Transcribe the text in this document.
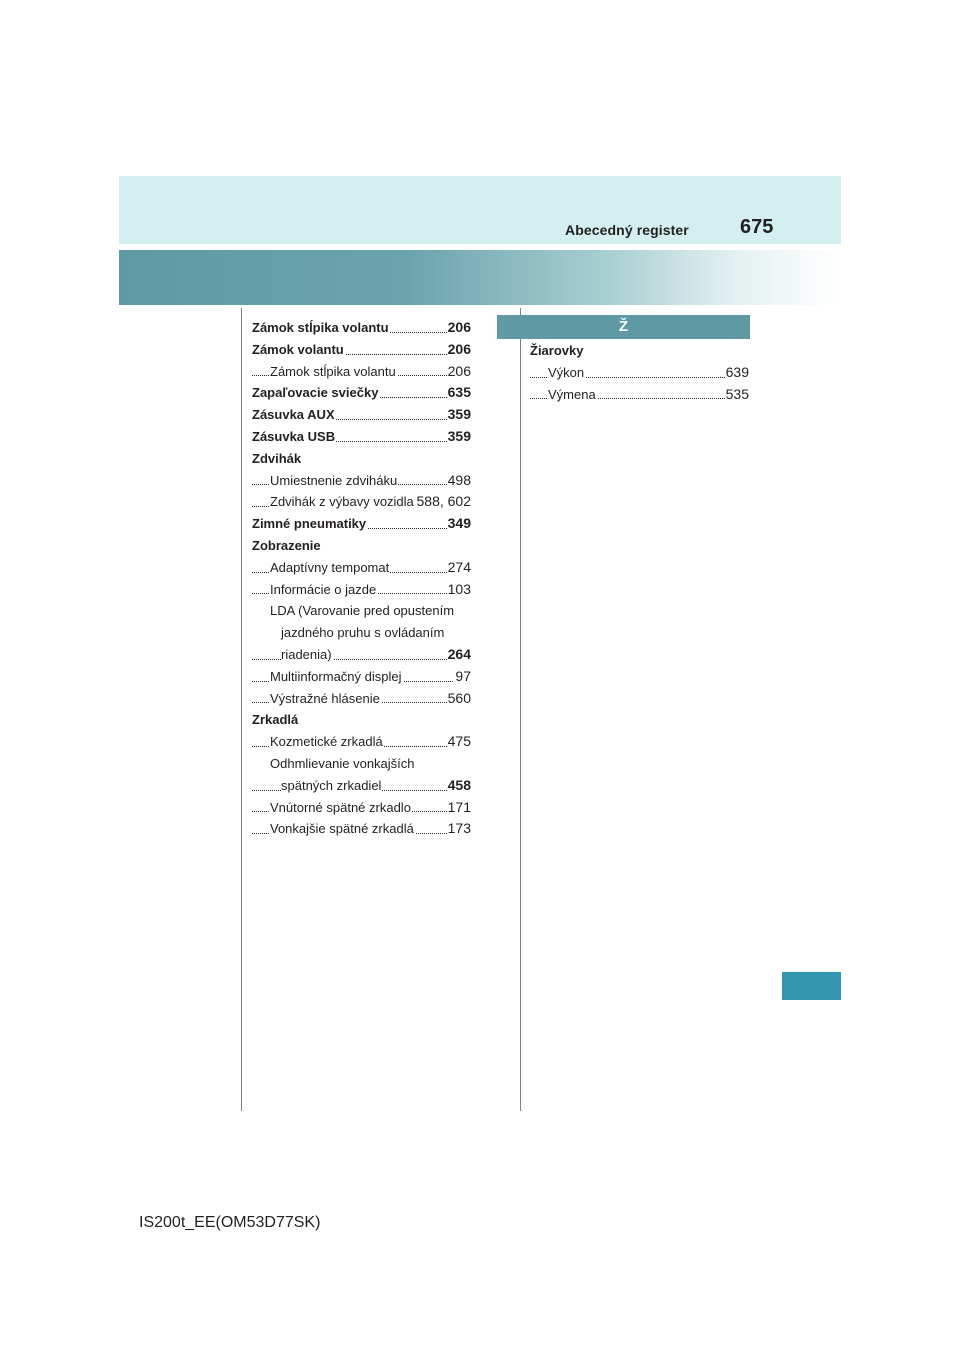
Abecedný register	675
Zámok stĺpika volantu	206
Zámok volantu	206
Zámok stĺpika volantu	206
Zapaľovacie sviečky	635
Zásuvka AUX	359
Zásuvka USB	359
Zdvihák
Umiestnenie zdviháku	498
Zdvihák z výbavy vozidla 588, 602
Zimné pneumatiky	349
Zobrazenie
Adaptívny tempomat	274
Informácie o jazde	103
LDA (Varovanie pred opustením
jazdného pruhu s ovládaním
riadenia)	264
Multiinformačný displej	97
Výstražné hlásenie	560
Zrkadlá
Kozmetické zrkadlá	475
Odhmlievanie vonkajších
spätných zrkadiel	458
Vnútorné spätné zrkadlo	171
Vonkajšie spätné zrkadlá 173
Ž
Žiarovky
Výkon	639
Výmena	535
IS200t_EE(OM53D77SK)
